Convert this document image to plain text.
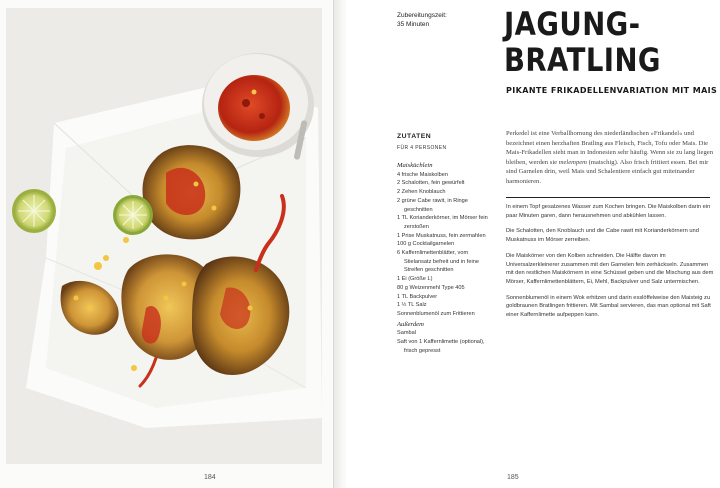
184
Zubereitungszeit:
35 Minuten	JAGUNG-
BRATLING
PIKANTE FRIKADELLENVARIATION MIT MAIS
ZUTATEN
FÜR 4 PERSONEN
Maisküchlein
4 frische Maiskolben
2 Schalotten, fein gewürfelt
2 Zehen Knoblauch
2 grüne Cabe rawit, in Ringe
geschnitten
1 TL Korianderkörner, im Mörser fein
zerstoßen
1 Prise Muskatnuss, fein zermahlen
100 g Cocktailgarnelen
6 Kaffernlimettenblätter, vom
Stielansatz befreit und in feine
Streifen geschnitten
1 Ei (Größe L)
80 g Weizenmehl Type 405
1 TL Backpulver
1 ½ TL Salz
Sonnenblumenöl zum Frittieren
Außerdem
Sambal
Saft von 1 Kaffernlimette (optional),
frisch gepresst
Perkedel ist eine Verballhornung des niederländischen »Frikandel« und bezeichnet einen herzhaften Bratling aus Fleisch, Fisch, Tofu oder Mais. Die Mais-Frikadellen sieht man in Indonesien sehr häufig. Wenn sie zu lang liegen bleiben, werden sie melempem (matschig). Also frisch frittiert essen. Bei mir sind Garnelen drin, weil Mais und Schalentiere einfach gut miteinander harmonieren.

In einem Topf gesalzenes Wasser zum Kochen bringen. Die Maiskolben darin ein paar Minuten garen, dann herausnehmen und abkühlen lassen.

Die Schalotten, den Knoblauch und die Cabe rawit mit Korianderkörnern und Muskatnuss im Mörser zerreiben.

Die Maiskörner von den Kolben schneiden. Die Hälfte davon im Universalzerkleinerer zusammen mit den Garnelen fein zerhäckseln. Zusammen mit den restlichen Maiskörnern in eine Schüssel geben und die Mischung aus dem Mörser, Kaffernlimettenblättern, Ei, Mehl, Backpulver und Salz untermischen.

Sonnenblumenöl in einem Wok erhitzen und darin esslöffelweise den Maisteig zu goldbraunen Bratlingen frittieren. Mit Sambal servieren, das man optional mit Saft einer Kaffernlimette aufpeppen kann.

185
